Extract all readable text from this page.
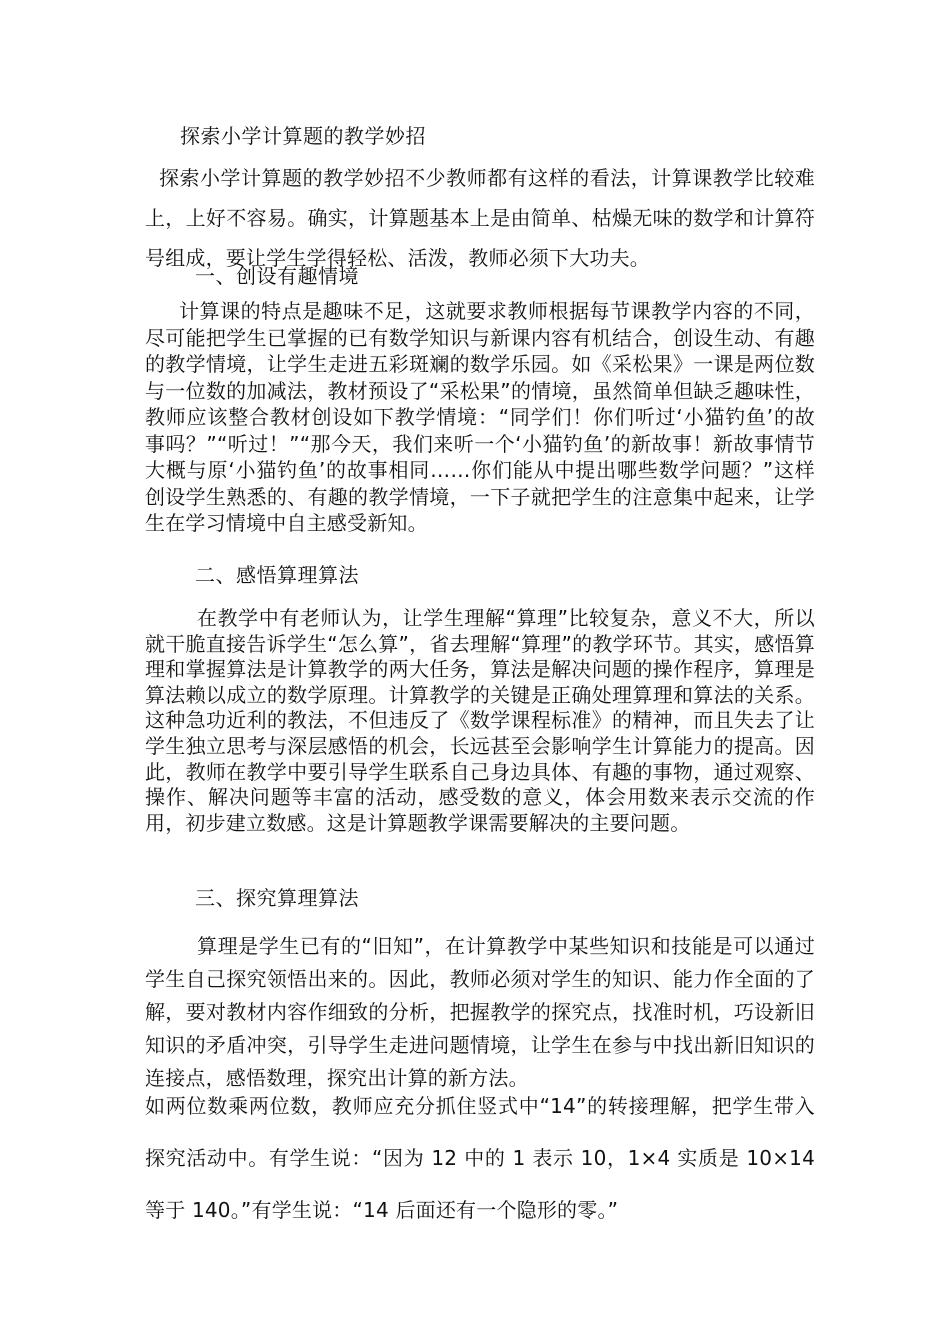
探索小学计算题的教学妙招

探索小学计算题的教学妙招不少教师都有这样的看法，计算课教学比较难上，上好不容易。确实，计算题基本上是由简单、枯燥无味的数学和计算符号组成，要让学生学得轻松、活泼，教师必须下大功夫。

一、创设有趣情境

计算课的特点是趣味不足，这就要求教师根据每节课教学内容的不同，尽可能把学生已掌握的已有数学知识与新课内容有机结合，创设生动、有趣的教学情境，让学生走进五彩斑斓的数学乐园。如《采松果》一课是两位数与一位数的加减法，教材预设了“采松果”的情境，虽然简单但缺乏趣味性，教师应该整合教材创设如下教学情境：“同学们！你们听过‘小猫钓鱼’的故事吗？”“听过！”“那今天，我们来听一个‘小猫钓鱼’的新故事！新故事情节大概与原‘小猫钓鱼’的故事相同……你们能从中提出哪些数学问题？”这样创设学生熟悉的、有趣的教学情境，一下子就把学生的注意集中起来，让学生在学习情境中自主感受新知。

二、感悟算理算法

在教学中有老师认为，让学生理解“算理”比较复杂，意义不大，所以就干脆直接告诉学生“怎么算”，省去理解“算理”的教学环节。其实，感悟算理和掌握算法是计算教学的两大任务，算法是解决问题的操作程序，算理是算法赖以成立的数学原理。计算教学的关键是正确处理算理和算法的关系。这种急功近利的教法，不但违反了《数学课程标准》的精神，而且失去了让学生独立思考与深层感悟的机会，长远甚至会影响学生计算能力的提高。因此，教师在教学中要引导学生联系自己身边具体、有趣的事物，通过观察、操作、解决问题等丰富的活动，感受数的意义，体会用数来表示交流的作用，初步建立数感。这是计算题教学课需要解决的主要问题。

三、探究算理算法

算理是学生已有的“旧知”，在计算教学中某些知识和技能是可以通过学生自己探究领悟出来的。因此，教师必须对学生的知识、能力作全面的了解，要对教材内容作细致的分析，把握教学的探究点，找准时机，巧设新旧知识的矛盾冲突，引导学生走进问题情境，让学生在参与中找出新旧知识的连接点，感悟数理，探究出计算的新方法。

如两位数乘两位数，教师应充分抓住竖式中“14”的转接理解，把学生带入探究活动中。有学生说：“因为 12 中的 1 表示 10，1×4 实质是 10×14 等于 140。”有学生说：“14 后面还有一个隐形的零。”
